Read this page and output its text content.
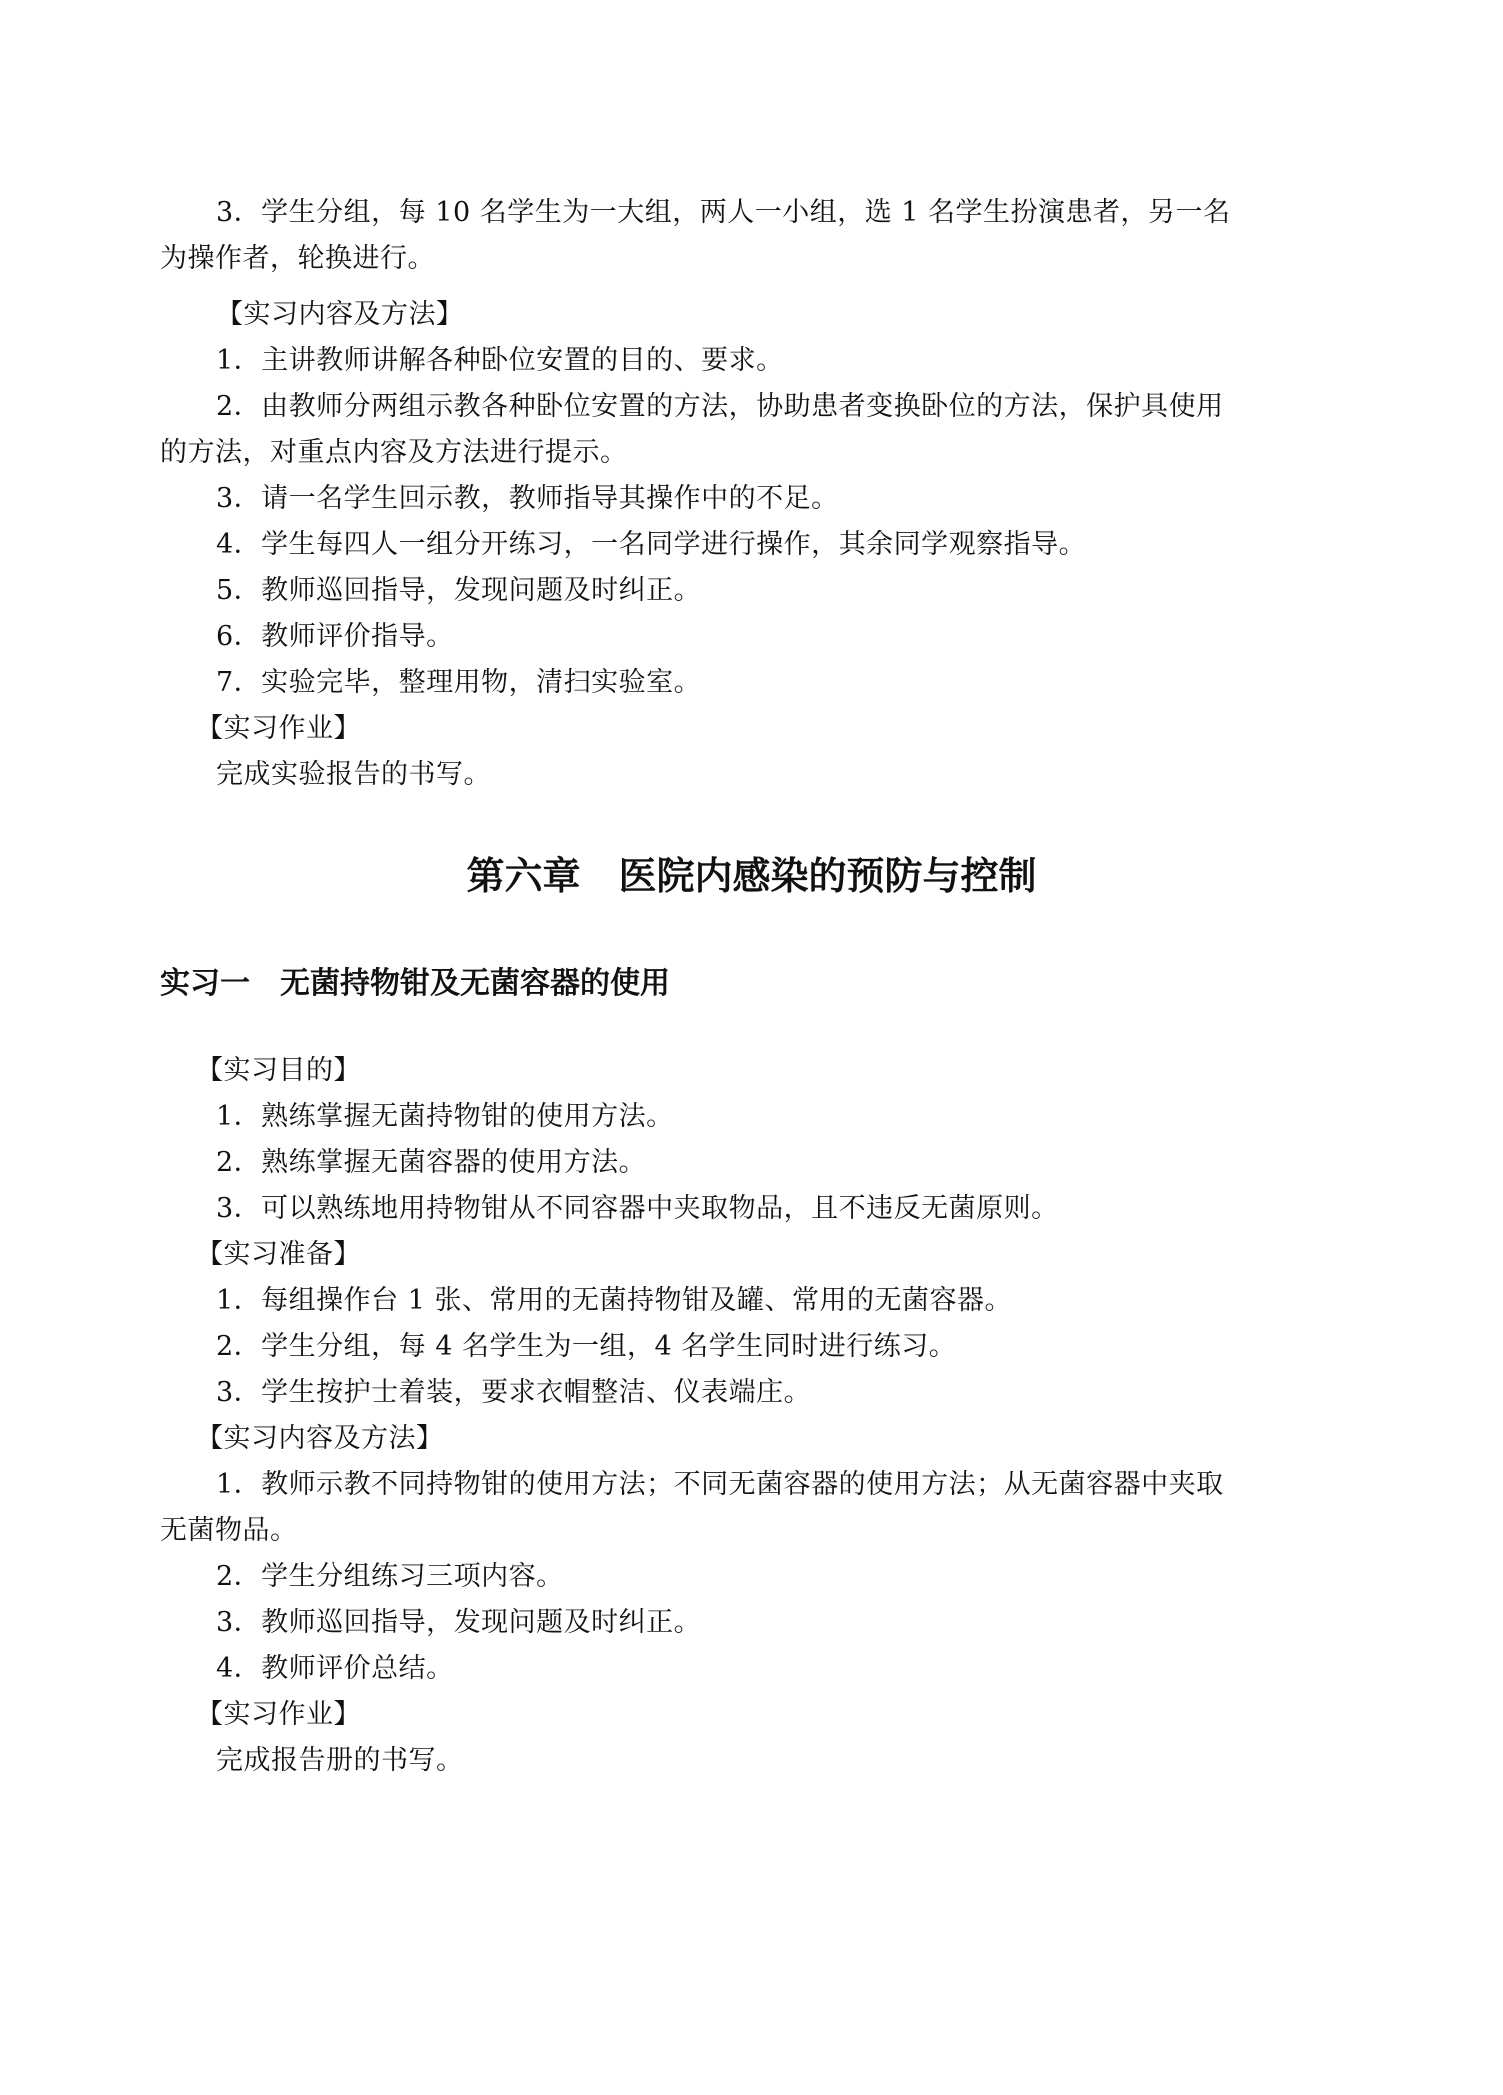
3．学生分组，每 10 名学生为一大组，两人一小组，选 1 名学生扮演患者，另一名
为操作者，轮换进行。
【实习内容及方法】
1．主讲教师讲解各种卧位安置的目的、要求。
2．由教师分两组示教各种卧位安置的方法，协助患者变换卧位的方法，保护具使用
的方法，对重点内容及方法进行提示。
3．请一名学生回示教，教师指导其操作中的不足。
4．学生每四人一组分开练习，一名同学进行操作，其余同学观察指导。
5．教师巡回指导，发现问题及时纠正。
6．教师评价指导。
7．实验完毕，整理用物，清扫实验室。
【实习作业】
完成实验报告的书写。
第六章　医院内感染的预防与控制
实习一　无菌持物钳及无菌容器的使用
【实习目的】
1．熟练掌握无菌持物钳的使用方法。
2．熟练掌握无菌容器的使用方法。
3．可以熟练地用持物钳从不同容器中夹取物品，且不违反无菌原则。
【实习准备】
1．每组操作台 1 张、常用的无菌持物钳及罐、常用的无菌容器。
2．学生分组，每 4 名学生为一组，4 名学生同时进行练习。
3．学生按护士着装，要求衣帽整洁、仪表端庄。
【实习内容及方法】
1．教师示教不同持物钳的使用方法；不同无菌容器的使用方法；从无菌容器中夹取
无菌物品。
2．学生分组练习三项内容。
3．教师巡回指导，发现问题及时纠正。
4．教师评价总结。
【实习作业】
完成报告册的书写。
